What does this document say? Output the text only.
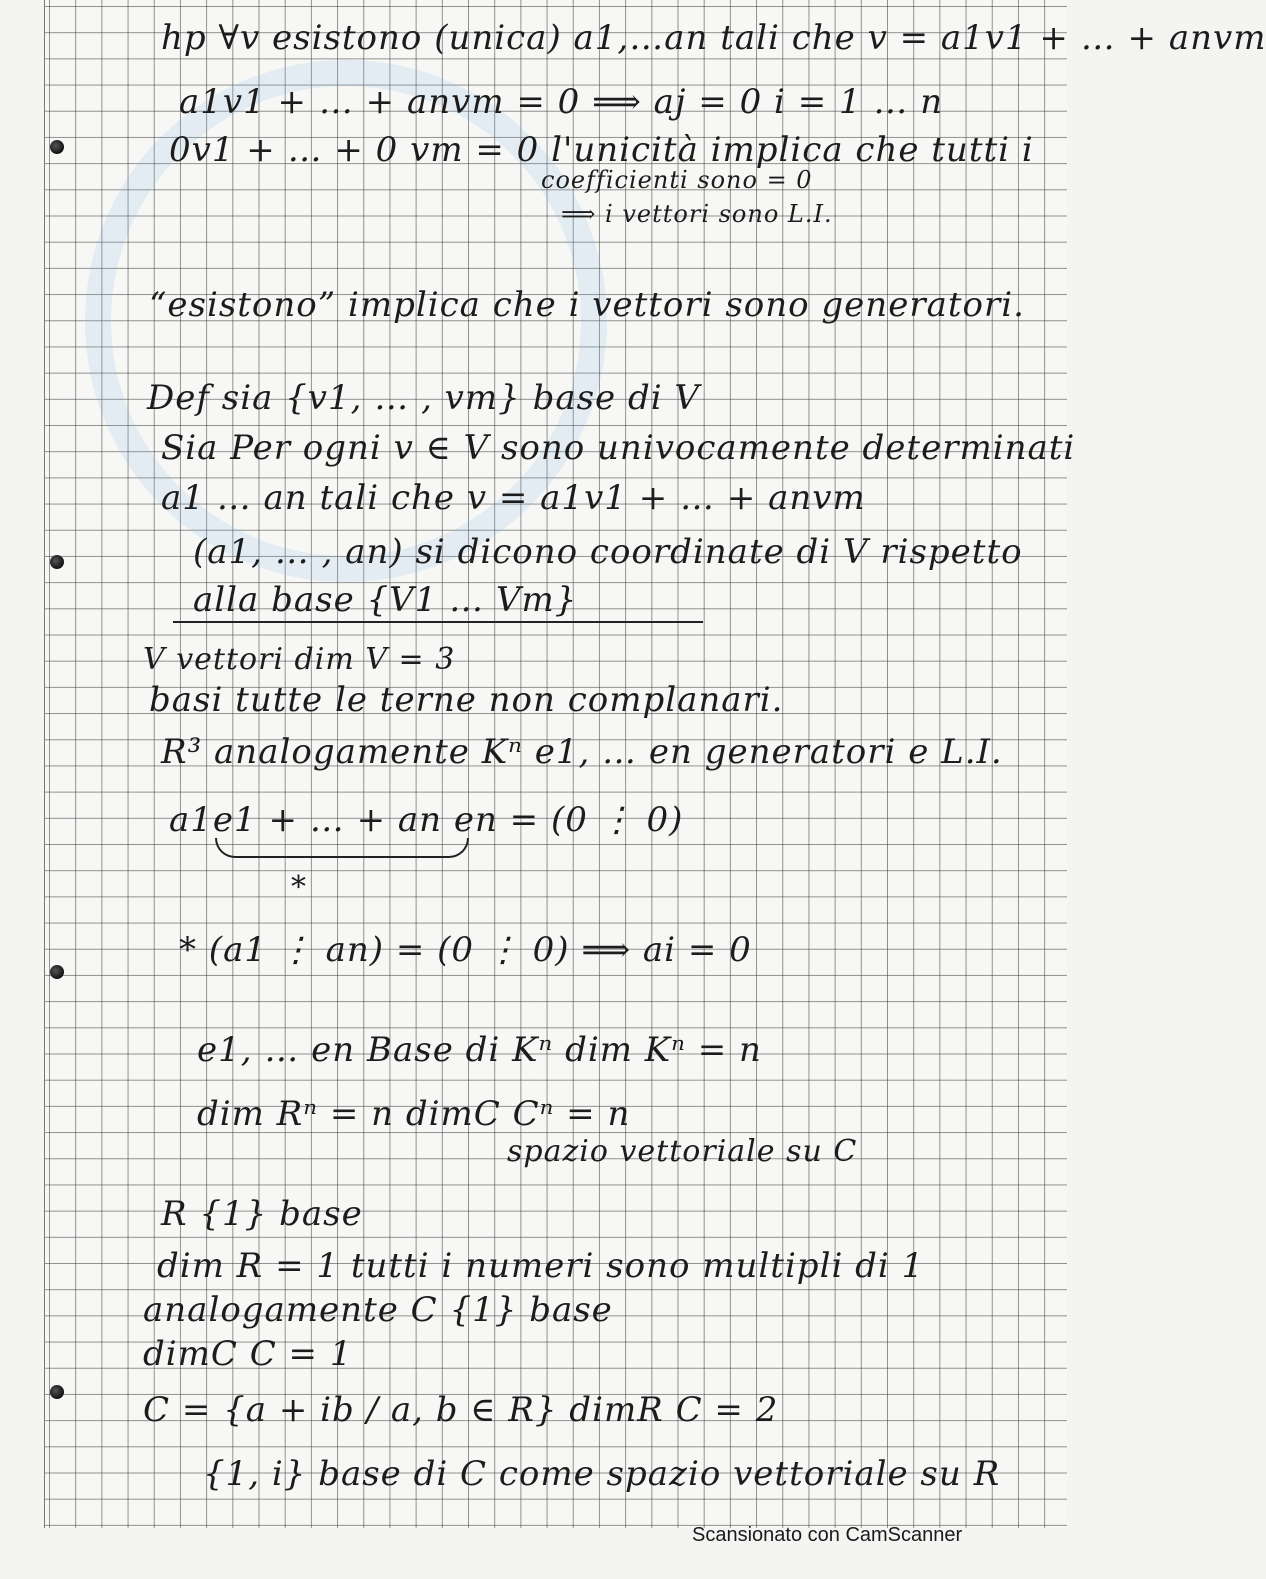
hp ∀v esistono (unica) a1,…an tali che v = a1v1 + … + anvm
a1v1 + … + anvm = 0 ⟹ aj = 0 i = 1 … n
0v1 + … + 0 vm = 0 l'unicità implica che tutti i
coefficienti sono = 0
⟹ i vettori sono L.I.
“esistono” implica che i vettori sono generatori.
Def sia {v1, … , vm} base di V
Sia Per ogni v ∈ V sono univocamente determinati
a1 … an tali che v = a1v1 + … + anvm
(a1, … , an) si dicono coordinate di V rispetto
alla base {V1 … Vm}
V vettori dim V = 3
basi tutte le terne non complanari.
R³ analogamente Kⁿ e1, … en generatori e L.I.
a1e1 + … + an en = (0 ⋮ 0)
*
* (a1 ⋮ an) = (0 ⋮ 0) ⟹ ai = 0
e1, … en Base di Kⁿ dim Kⁿ = n
dim Rⁿ = n dimC Cⁿ = n
spazio vettoriale su C
R {1} base
dim R = 1 tutti i numeri sono multipli di 1
analogamente C {1} base
dimC C = 1
C = {a + ib / a, b ∈ R} dimR C = 2
{1, i} base di C come spazio vettoriale su R
Scansionato con CamScanner
